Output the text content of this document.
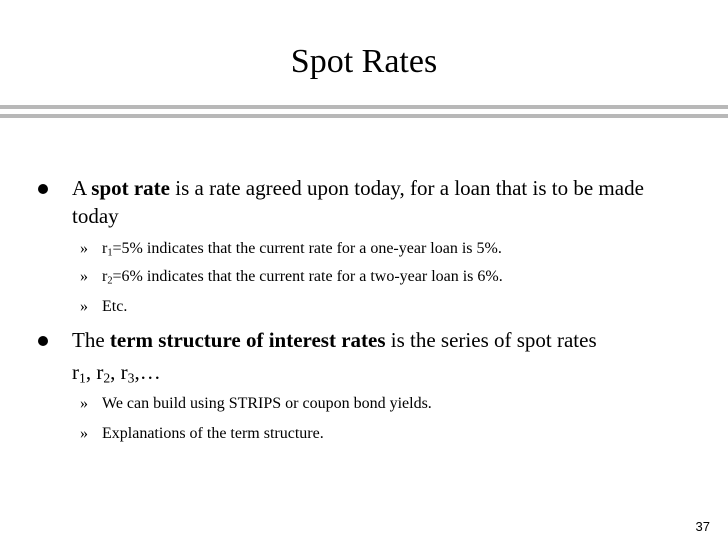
Spot Rates
A spot rate is a rate agreed upon today, for a loan that is to be made today
» $r_1=5\%$ indicates that the current rate for a one-year loan is 5%.
» $r_2=6\%$ indicates that the current rate for a two-year loan is 6%.
» Etc.
The term structure of interest rates is the series of spot rates
$r_1$, $r_2$, $r_3,\dots$
» We can build using STRIPS or coupon bond yields.
» Explanations of the term structure.
37
